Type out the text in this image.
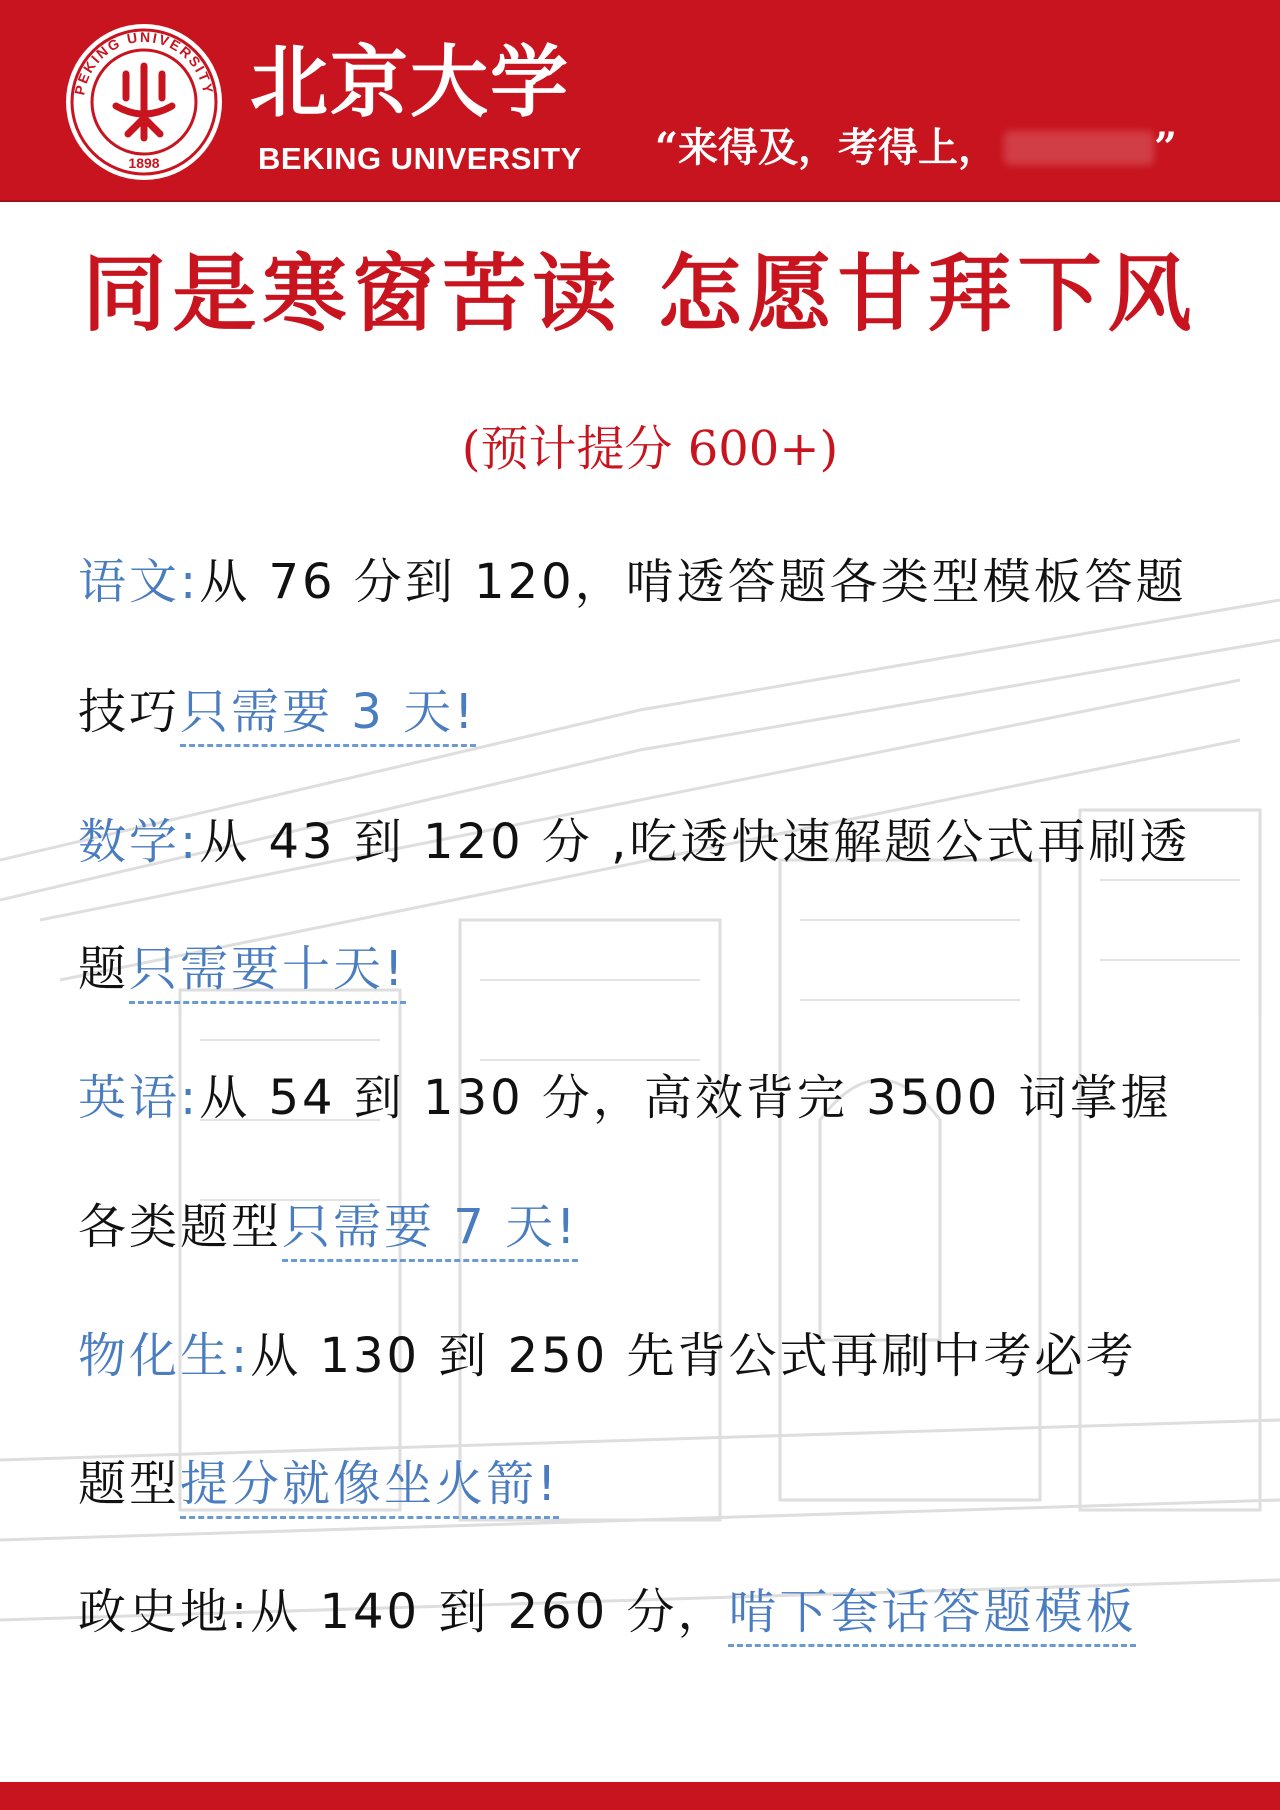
PEKING UNIVERSITY
1898
北京大学
BEKING UNIVERSITY “来得及，考得上，	”
同是寒窗苦读 怎愿甘拜下风
(预计提分 600+)
语文:从 76 分到 120，啃透答题各类型模板答题
技巧只需要 3 天!
数学:从 43 到 120 分 ,吃透快速解题公式再刷透
题只需要十天!
英语:从 54 到 130 分，高效背完 3500 词掌握
各类题型只需要 7 天!
物化生:从 130 到 250 先背公式再刷中考必考
题型提分就像坐火箭!
政史地:从 140 到 260 分，啃下套话答题模板
